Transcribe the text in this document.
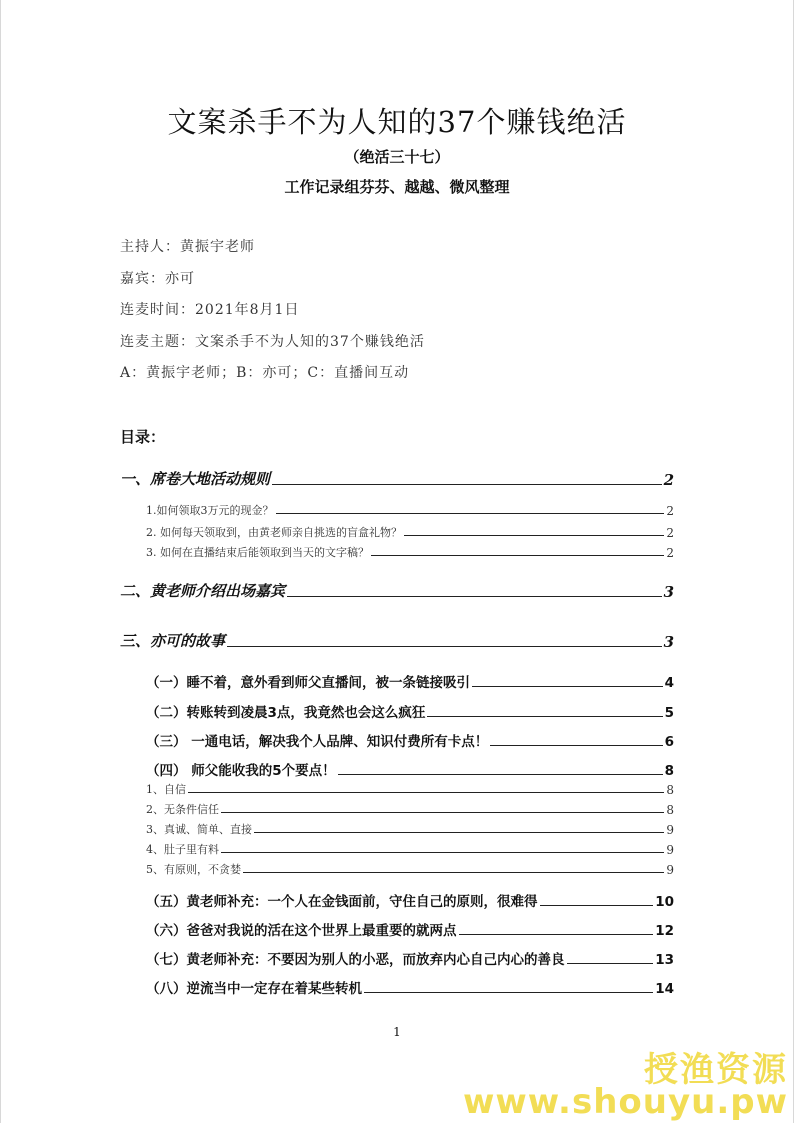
文案杀手不为人知的37个赚钱绝活
（绝活三十七）
工作记录组芬芬、越越、微风整理
主持人：黄振宇老师
嘉宾：亦可
连麦时间：2021年8月1日
连麦主题：文案杀手不为人知的37个赚钱绝活
A：黄振宇老师；B：亦可；C：直播间互动
目录：
一、席卷大地活动规则	2
1.如何领取3万元的现金？	2
2. 如何每天领取到，由黄老师亲自挑选的盲盒礼物？	2
3. 如何在直播结束后能领取到当天的文字稿？	2
二、黄老师介绍出场嘉宾	3
三、亦可的故事	3
（一）睡不着，意外看到师父直播间，被一条链接吸引	4
（二）转账转到凌晨3点，我竟然也会这么疯狂	5
（三） 一通电话，解决我个人品牌、知识付费所有卡点！	6
（四） 师父能收我的5个要点！	8
1、自信	8
2、无条件信任	8
3、真诚、简单、直接	9
4、肚子里有料	9
5、有原则，不贪婪	9
（五）黄老师补充：一个人在金钱面前，守住自己的原则，很难得	10
（六）爸爸对我说的活在这个世界上最重要的就两点	12
（七）黄老师补充：不要因为别人的小恶，而放弃内心自己内心的善良	13
（八）逆流当中一定存在着某些转机	14
1
授渔资源
www.shouyu.pw
